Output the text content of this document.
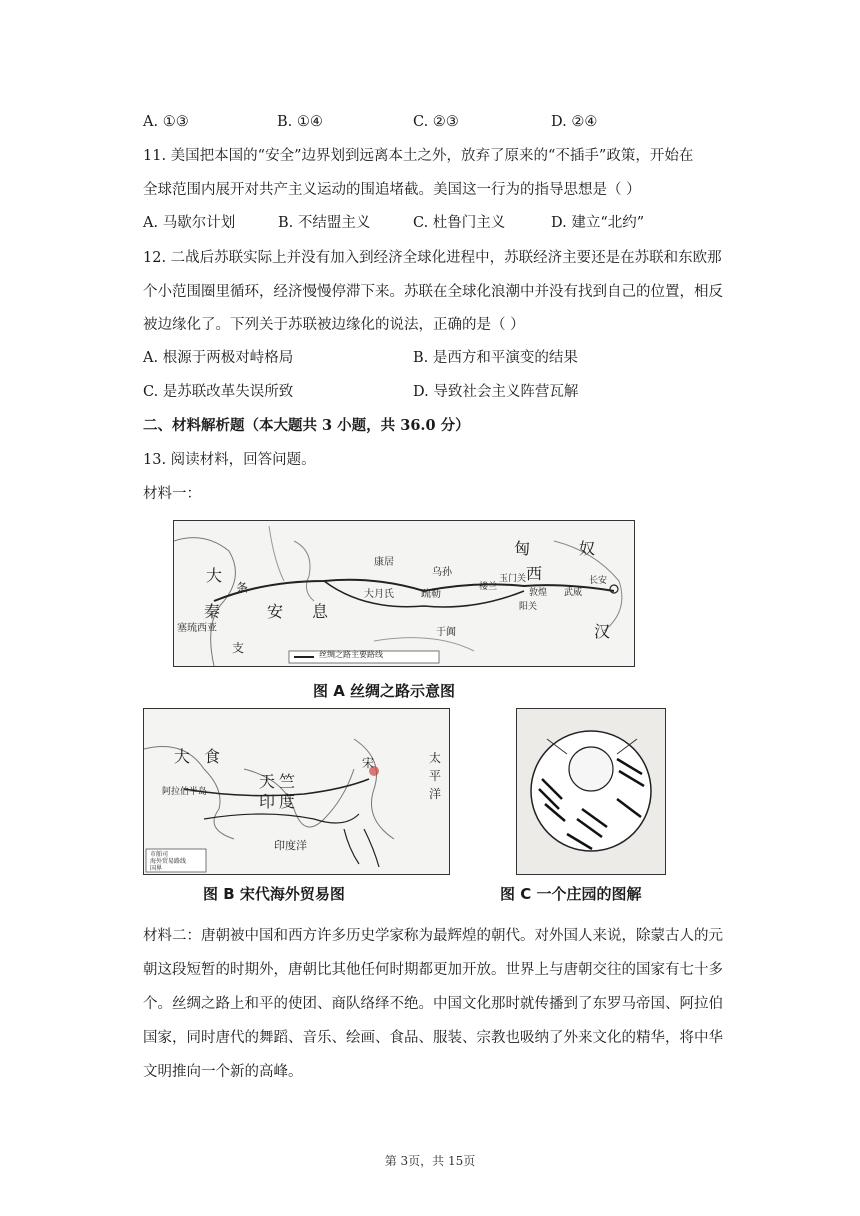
A. ①③	B. ①④	C. ②③	D. ②④
11. 美国把本国的“安全”边界划到远离本土之外，放弃了原来的“不插手”政策，开始在
全球范围内展开对共产主义运动的围追堵截。美国这一行为的指导思想是（ ）
A. 马歇尔计划	B. 不结盟主义	C. 杜鲁门主义	D. 建立“北约”
12. 二战后苏联实际上并没有加入到经济全球化进程中，苏联经济主要还是在苏联和东欧那
个小范围圈里循环，经济慢慢停滞下来。苏联在全球化浪潮中并没有找到自己的位置，相反
被边缘化了。下列关于苏联被边缘化的说法，正确的是（ ）
A. 根源于两极对峙格局	B. 是西方和平演变的结果
C. 是苏联改革失误所致	D. 导致社会主义阵营瓦解
二、材料解析题（本大题共 3 小题，共 36.0 分）
13. 阅读材料，回答问题。
材料一：
丝绸之路主要路线
匈	奴
大
秦
条
安 息
西
汉
支
塞琉西亚
大月氏
于阗
康居
疏勒
乌孙
楼兰
玉门关
敦煌
阳关
武威
长安
图 A 丝绸之路示意图
大 食
天 竺
印 度
阿拉伯半岛
太
平
洋
印度洋
宋
市舶司
海外贸易路线
国界
图 B 宋代海外贸易图	图 C 一个庄园的图解
材料二：唐朝被中国和西方许多历史学家称为最辉煌的朝代。对外国人来说，除蒙古人的元
朝这段短暂的时期外，唐朝比其他任何时期都更加开放。世界上与唐朝交往的国家有七十多
个。丝绸之路上和平的使团、商队络绎不绝。中国文化那时就传播到了东罗马帝国、阿拉伯
国家，同时唐代的舞蹈、音乐、绘画、食品、服装、宗教也吸纳了外来文化的精华，将中华
文明推向一个新的高峰。
第 3页，共 15页
